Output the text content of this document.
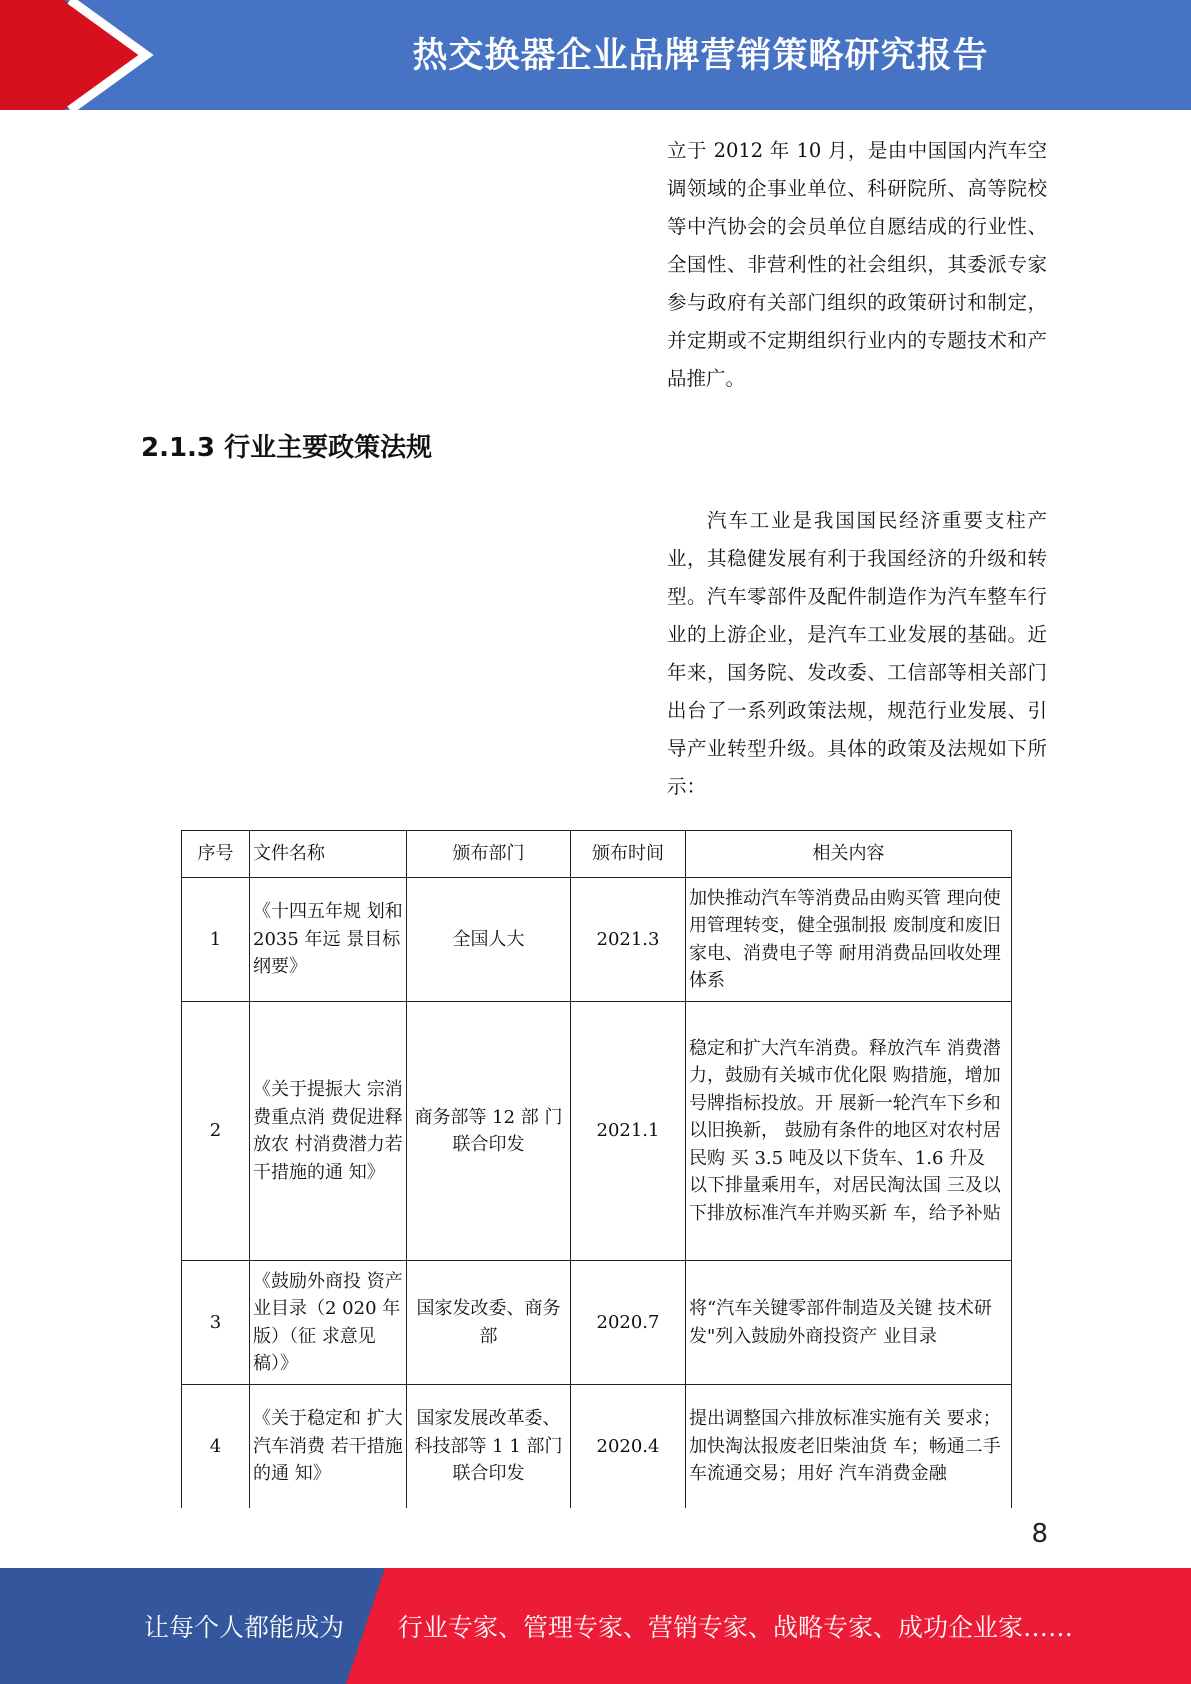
热交换器企业品牌营销策略研究报告

立于 2012 年 10 月，是由中国国内汽车空调领域的企事业单位、科研院所、高等院校等中汽协会的会员单位自愿结成的行业性、全国性、非营利性的社会组织，其委派专家参与政府有关部门组织的政策研讨和制定，并定期或不定期组织行业内的专题技术和产品推广。

2.1.3 行业主要政策法规

汽车工业是我国国民经济重要支柱产业，其稳健发展有利于我国经济的升级和转型。汽车零部件及配件制造作为汽车整车行业的上游企业，是汽车工业发展的基础。近年来，国务院、发改委、工信部等相关部门出台了一系列政策法规，规范行业发展、引导产业转型升级。具体的政策及法规如下所示：

序号	文件名称	颁布部门	颁布时间	相关内容
1	《十四五年规 划和 2035 年远 景目标纲要》	全国人大	2021.3	加快推动汽车等消费品由购买管 理向使用管理转变，健全强制报 废制度和废旧家电、消费电子等 耐用消费品回收处理体系
2	《关于提振大 宗消费重点消 费促进释放农 村消费潜力若 干措施的通 知》	商务部等 12 部 门联合印发	2021.1	稳定和扩大汽车消费。释放汽车 消费潜力，鼓励有关城市优化限 购措施，增加号牌指标投放。开 展新一轮汽车下乡和以旧换新， 鼓励有条件的地区对农村居民购 买 3.5 吨及以下货车、1.6 升及 以下排量乘用车，对居民淘汰国 三及以下排放标准汽车并购买新 车，给予补贴
3	《鼓励外商投 资产业目录（2 020 年版）（征 求意见稿）》	国家发改委、商务部	2020.7	将“汽车关键零部件制造及关键 技术研发"列入鼓励外商投资产 业目录
4	《关于稳定和 扩大汽车消费 若干措施的通 知》	国家发展改革委、科技部等 1 1 部门联合印发	2020.4	提出调整国六排放标准实施有关 要求；加快淘汰报废老旧柴油货 车；畅通二手车流通交易；用好 汽车消费金融
8
让每个人都能成为 行业专家、管理专家、营销专家、战略专家、成功企业家……
